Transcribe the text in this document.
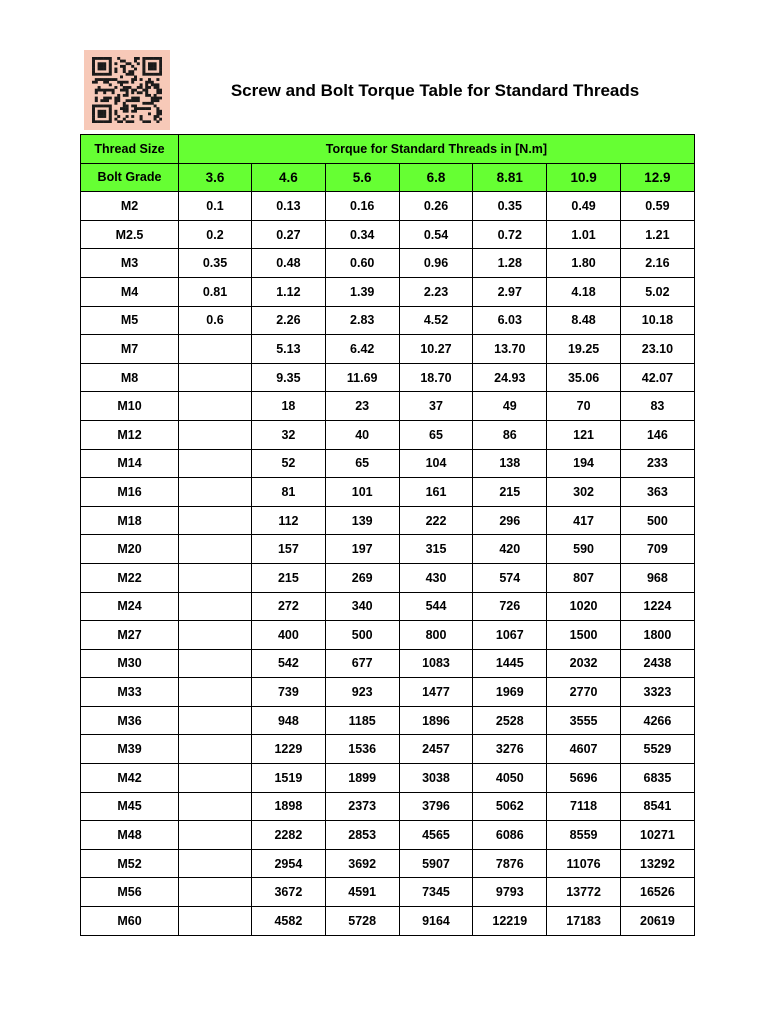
Screw and Bolt Torque Table for Standard Threads
Thread Size	Torque for Standard Threads in [N.m]						
Bolt Grade	3.6	4.6	5.6	6.8	8.81	10.9	12.9
M2	0.1	0.13	0.16	0.26	0.35	0.49	0.59
M2.5	0.2	0.27	0.34	0.54	0.72	1.01	1.21
M3	0.35	0.48	0.60	0.96	1.28	1.80	2.16
M4	0.81	1.12	1.39	2.23	2.97	4.18	5.02
M5	0.6	2.26	2.83	4.52	6.03	8.48	10.18
M7		5.13	6.42	10.27	13.70	19.25	23.10
M8		9.35	11.69	18.70	24.93	35.06	42.07
M10		18	23	37	49	70	83
M12		32	40	65	86	121	146
M14		52	65	104	138	194	233
M16		81	101	161	215	302	363
M18		112	139	222	296	417	500
M20		157	197	315	420	590	709
M22		215	269	430	574	807	968
M24		272	340	544	726	1020	1224
M27		400	500	800	1067	1500	1800
M30		542	677	1083	1445	2032	2438
M33		739	923	1477	1969	2770	3323
M36		948	1185	1896	2528	3555	4266
M39		1229	1536	2457	3276	4607	5529
M42		1519	1899	3038	4050	5696	6835
M45		1898	2373	3796	5062	7118	8541
M48		2282	2853	4565	6086	8559	10271
M52		2954	3692	5907	7876	11076	13292
M56		3672	4591	7345	9793	13772	16526
M60		4582	5728	9164	12219	17183	20619
